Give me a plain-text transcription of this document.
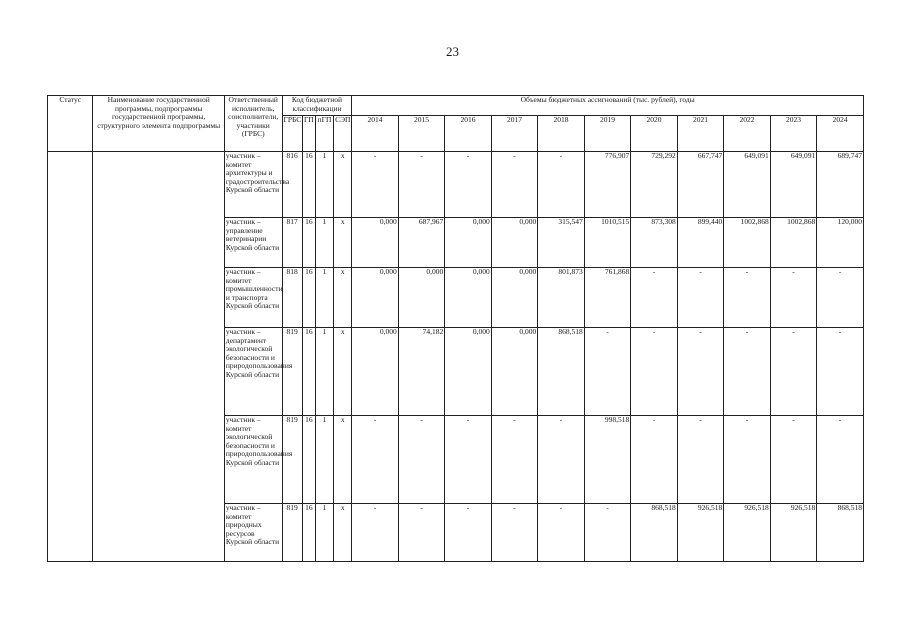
23
Статус	Наименование государственной программы, подпрограммы государственной программы, структурного элемента подпрограммы	Ответственный исполнитель, соисполнители, участники (ГРБС)	Код бюджетной классификации				Объемы бюджетных ассигнований (тыс. рублей), годы										
			ГРБС	ГП	пГП	СЭП	2014	2015	2016	2017	2018	2019	2020	2021	2022	2023	2024
		участник – комитет архитектуры и градостроительства Курской области	816	16	1	х	-	-	-	-	-	776,907	729,292	667,747	649,091	649,091	689,747
		участник – управление ветеринарии Курской области	817	16	1	х	0,000	687,967	0,000	0,000	315,547	1010,515	873,308	899,440	1002,868	1002,868	120,000
		участник – комитет промышленности и транспорта Курской области	818	16	1	х	0,000	0,000	0,000	0,000	801,873	761,868	-	-	-	-	-
		участник – департамент экологической безопасности и природопользования Курской области	819	16	1	х	0,000	74,182	0,000	0,000	868,518	-	-	-	-	-	-
		участник – комитет экологической безопасности и природопользования Курской области	819	16	1	х	-	-	-	-	-	998,518	-	-	-	-	-
		участник – комитет природных ресурсов Курской области	819	16	1	х	-	-	-	-	-	-	868,518	926,518	926,518	926,518	868,518
